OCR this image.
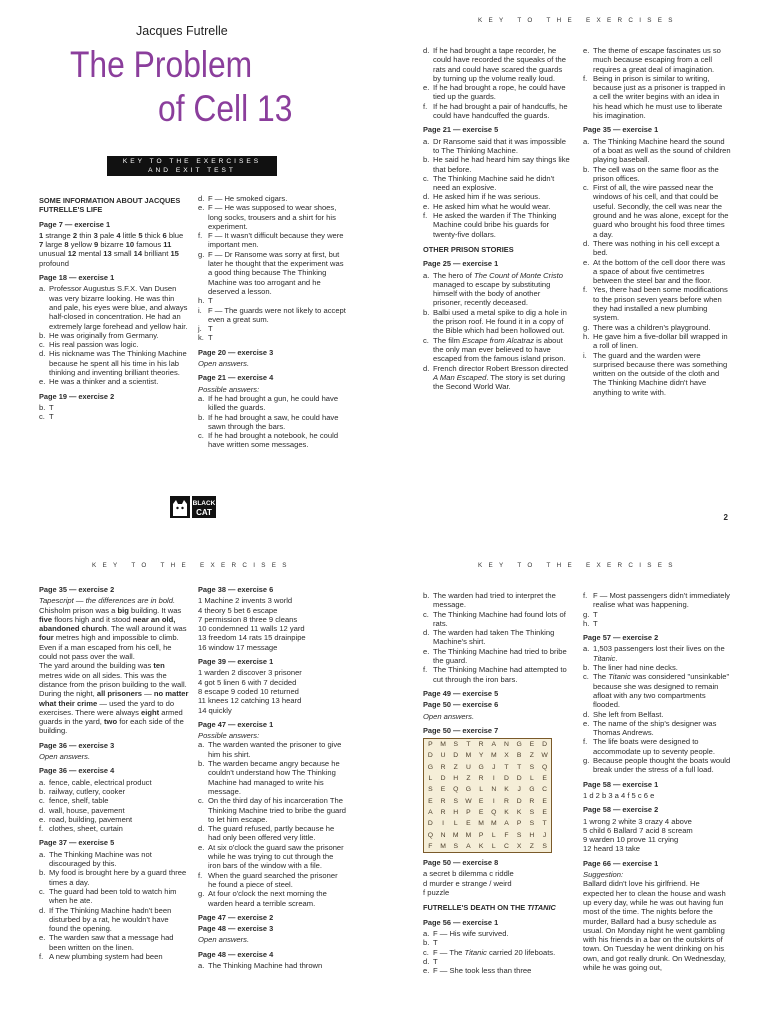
Jacques Futrelle
The Problem
of Cell 13
KEY TO THE EXERCISES
AND EXIT TEST
KEY TO THE EXERCISES
SOME INFORMATION ABOUT JACQUES FUTRELLE'S LIFE
Page 7 — exercise 1
1 strange 2 thin 3 pale 4 little 5 thick 6 blue 7 large 8 yellow 9 bizarre 10 famous 11 unusual 12 mental 13 small 14 brilliant 15 profound
Page 18 — exercise 1
a. Professor Augustus S.F.X. Van Dusen was very bizarre looking. He was thin and pale, his eyes were blue, and always half-closed in concentration. He had an extremely large forehead and yellow hair.
b. He was originally from Germany.
c. His real passion was logic.
d. His nickname was The Thinking Machine because he spent all his time in his lab thinking and inventing brilliant theories.
e. He was a thinker and a scientist.
Page 19 — exercise 2
b. T
c. T
d. F — He smoked cigars.
e. F — He was supposed to wear shoes, long socks, trousers and a shirt for his experiment.
f. F — It wasn't difficult because they were important men.
g. F — Dr Ransome was sorry at first, but later he thought that the experiment was a good thing because The Thinking Machine was too arrogant and he deserved a lesson.
h. T
i. F — The guards were not likely to accept even a great sum.
j. T
k. T
Page 20 — exercise 3
Open answers.
Page 21 — exercise 4
Possible answers:
a. If he had brought a gun, he could have killed the guards.
b. If he had brought a saw, he could have sawn through the bars.
c. If he had brought a notebook, he could have written some messages.
BLACK
CAT
d. If he had brought a tape recorder, he could have recorded the squeaks of the rats and could have scared the guards by turning up the volume really loud.
e. If he had brought a rope, he could have tied up the guards.
f. If he had brought a pair of handcuffs, he could have handcuffed the guards.
Page 21 — exercise 5
a. Dr Ransome said that it was impossible to The Thinking Machine.
b. He said he had heard him say things like that before.
c. The Thinking Machine said he didn't need an explosive.
d. He asked him if he was serious.
e. He asked him what he would wear.
f. He asked the warden if The Thinking Machine could bribe his guards for twenty-five dollars.
OTHER PRISON STORIES
Page 25 — exercise 1
a. The hero of The Count of Monte Cristo managed to escape by substituting himself with the body of another prisoner, recently deceased.
b. Balbi used a metal spike to dig a hole in the prison roof. He found it in a copy of the Bible which had been hollowed out.
c. The film Escape from Alcatraz is about the only man ever believed to have escaped from the famous island prison.
d. French director Robert Bresson directed A Man Escaped. The story is set during the Second World War.
e. The theme of escape fascinates us so much because escaping from a cell requires a great deal of imagination.
f. Being in prison is similar to writing, because just as a prisoner is trapped in a cell the writer begins with an idea in his head which he must use to liberate his imagination.
Page 35 — exercise 1
a. The Thinking Machine heard the sound of a boat as well as the sound of children playing baseball.
b. The cell was on the same floor as the prison offices.
c. First of all, the wire passed near the windows of his cell, and that could be useful. Secondly, the cell was near the ground and he was alone, except for the guard who brought his food three times a day.
d. There was nothing in his cell except a bed.
e. At the bottom of the cell door there was a space of about five centimetres between the steel bar and the floor.
f. Yes, there had been some modifications to the prison seven years before when they had installed a new plumbing system.
g. There was a children's playground.
h. He gave him a five-dollar bill wrapped in a roll of linen.
i. The guard and the warden were surprised because there was something written on the outside of the cloth and The Thinking Machine didn't have anything to write with.
2
KEY TO THE EXERCISES	KEY TO THE EXERCISES
Page 35 — exercise 2
Tapescript — the differences are in bold.
Chisholm prison was a big building. It was five floors high and it stood near an old, abandoned church. The wall around it was four metres high and impossible to climb. Even if a man escaped from his cell, he could not pass over the wall.
The yard around the building was ten metres wide on all sides. This was the distance from the prison building to the wall. During the night, all prisoners — no matter what their crime — used the yard to do exercises. There were always eight armed guards in the yard, two for each side of the building.
Page 36 — exercise 3
Open answers.
Page 36 — exercise 4
a. fence, cable, electrical product
b. railway, cutlery, cooker
c. fence, shelf, table
d. wall, house, pavement
e. road, building, pavement
f. clothes, sheet, curtain
Page 37 — exercise 5
a. The Thinking Machine was not discouraged by this.
b. My food is brought here by a guard three times a day.
c. The guard had been told to watch him when he ate.
d. If The Thinking Machine hadn't been disturbed by a rat, he wouldn't have found the opening.
e. The warden saw that a message had been written on the linen.
f. A new plumbing system had been
Page 38 — exercise 6
1 Machine 2 invents 3 world
4 theory 5 bet 6 escape
7 permission 8 three 9 cleans
10 condemned 11 walls 12 yard
13 freedom 14 rats 15 drainpipe
16 window 17 message
Page 39 — exercise 1
1 warden 2 discover 3 prisoner
4 got 5 linen 6 with 7 decided
8 escape 9 coded 10 returned
11 knees 12 catching 13 heard
14 quickly
Page 47 — exercise 1
Possible answers:
a. The warden wanted the prisoner to give him his shirt.
b. The warden became angry because he couldn't understand how The Thinking Machine had managed to write his message.
c. On the third day of his incarceration The Thinking Machine tried to bribe the guard to let him escape.
d. The guard refused, partly because he had only been offered very little.
e. At six o'clock the guard saw the prisoner while he was trying to cut through the iron bars of the window with a file.
f. When the guard searched the prisoner he found a piece of steel.
g. At four o'clock the next morning the warden heard a terrible scream.
Page 47 — exercise 2
Page 48 — exercise 3
Open answers.
Page 48 — exercise 4
a. The Thinking Machine had thrown
b. The warden had tried to interpret the message.
c. The Thinking Machine had found lots of rats.
d. The warden had taken The Thinking Machine's shirt.
e. The Thinking Machine had tried to bribe the guard.
f. The Thinking Machine had attempted to cut through the iron bars.
Page 49 — exercise 5
Page 50 — exercise 6
Open answers.
Page 50 — exercise 7
P	M	S	T	R	A	N	G	E	D
D	U	D	M	Y	M	X	B	Z	W
G	R	Z	U	G	J	T	T	S	Q
L	D	H	Z	R	I	D	D	L	E
S	E	Q	G	L	N	K	J	G	C
E	R	S	W	E	I	R	D	R	E
A	R	H	P	E	Q	K	K	S	E
D	I	L	E	M	M	A	P	S	T
Q	N	M	M	P	L	F	S	H	J
F	M	S	A	K	L	C	X	Z	S
Page 50 — exercise 8
a secret b dilemma c riddle
d murder e strange / weird
f puzzle
FUTRELLE'S DEATH ON THE TITANIC
Page 56 — exercise 1
a. F — His wife survived.
b. T
c. F — The Titanic carried 20 lifeboats.
d. T
e. F — She took less than three
f. F — Most passengers didn't immediately realise what was happening.
g. T
h. T
Page 57 — exercise 2
a. 1,503 passengers lost their lives on the Titanic.
b. The liner had nine decks.
c. The Titanic was considered "unsinkable" because she was designed to remain afloat with any two compartments flooded.
d. She left from Belfast.
e. The name of the ship's designer was Thomas Andrews.
f. The life boats were designed to accommodate up to seventy people.
g. Because people thought the boats would break under the stress of a full load.
Page 58 — exercise 1
1 d 2 b 3 a 4 f 5 c 6 e
Page 58 — exercise 2
1 wrong 2 white 3 crazy 4 above
5 child 6 Ballard 7 acid 8 scream
9 warden 10 prove 11 crying
12 heard 13 take
Page 66 — exercise 1
Suggestion:
Ballard didn't love his girlfriend. He expected her to clean the house and wash up every day, while he was out having fun most of the time. The nights before the murder, Ballard had a busy schedule as usual. On Monday night he went gambling with his friends in a bar on the outskirts of town. On Tuesday he went drinking on his own, and got really drunk. On Wednesday, while he was going out,
